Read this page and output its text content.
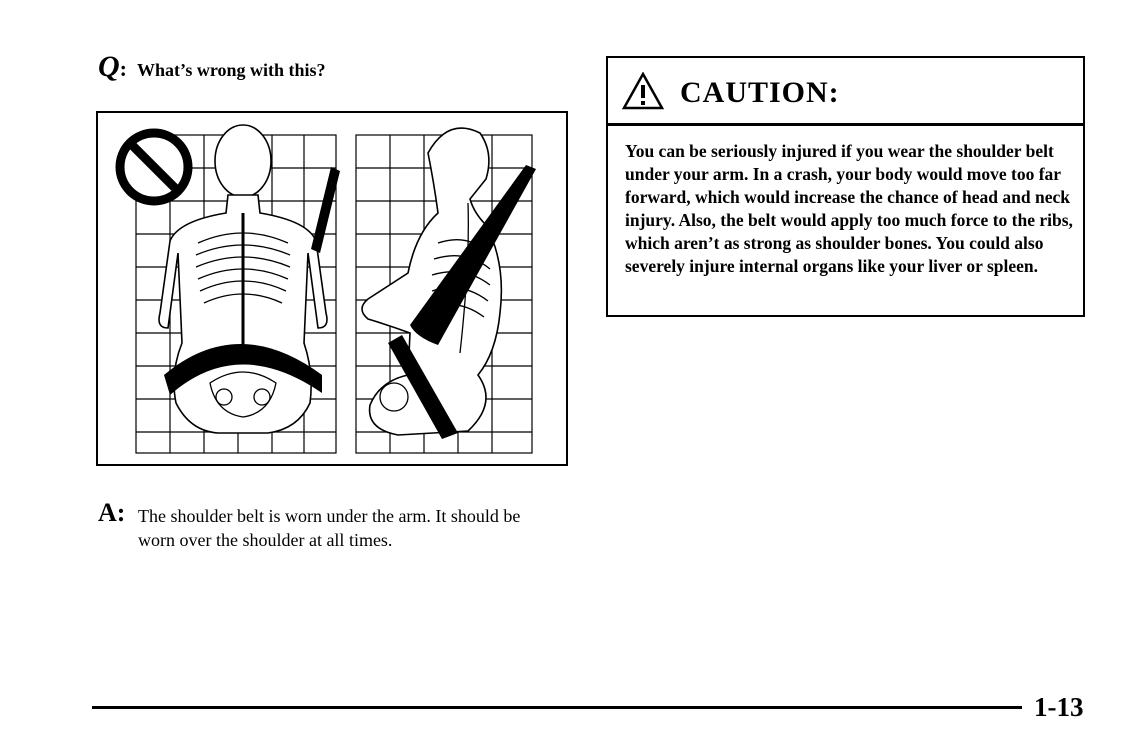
Q : What’s wrong with this?
A: The shoulder belt is worn under the arm. It should be worn over the shoulder at all times.
CAUTION:
You can be seriously injured if you wear the shoulder belt under your arm. In a crash, your body would move too far forward, which would increase the chance of head and neck injury. Also, the belt would apply too much force to the ribs, which aren’t as strong as shoulder bones. You could also severely injure internal organs like your liver or spleen.
1-13
